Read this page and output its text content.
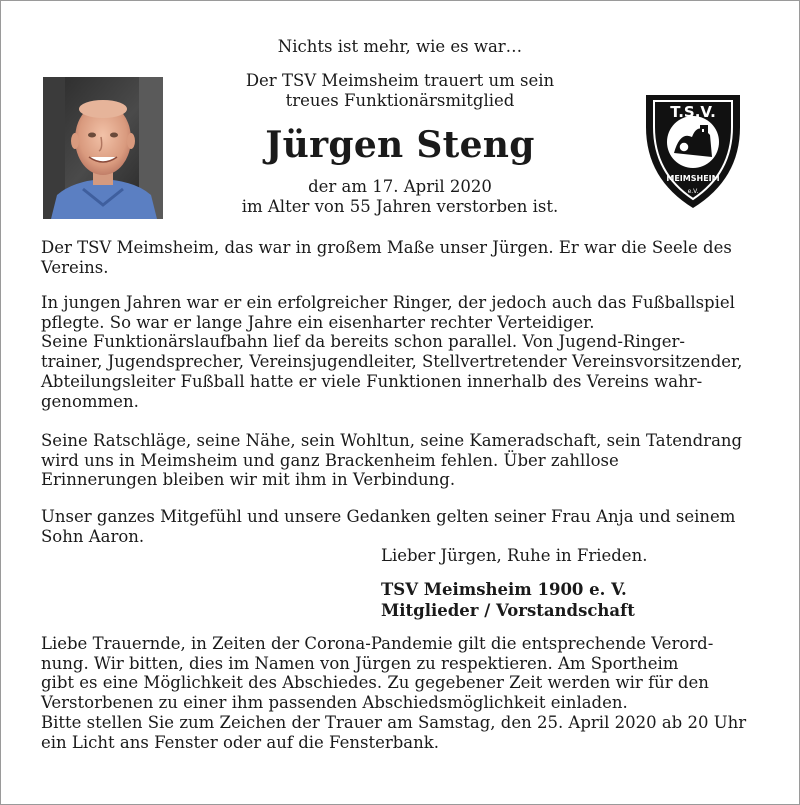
Nichts ist mehr, wie es war…
Der TSV Meimsheim trauert um sein
treues Funktionärsmitglied
Jürgen Steng
der am 17. April 2020
im Alter von 55 Jahren verstorben ist.
T.S.V.
MEIMSHEIM
e.V.

Der TSV Meimsheim, das war in großem Maße unser Jürgen. Er war die Seele des

Vereins.

In jungen Jahren war er ein erfolgreicher Ringer, der jedoch auch das Fußballspiel

pflegte. So war er lange Jahre ein eisenharter rechter Verteidiger.

Seine Funktionärslaufbahn lief da bereits schon parallel. Von Jugend-Ringer-

trainer, Jugendsprecher, Vereinsjugendleiter, Stellvertretender Vereinsvorsitzender,

Abteilungsleiter Fußball hatte er viele Funktionen innerhalb des Vereins wahr-

genommen.

Seine Ratschläge, seine Nähe, sein Wohltun, seine Kameradschaft, sein Tatendrang

wird uns in Meimsheim und ganz Brackenheim fehlen. Über zahllose

Erinnerungen bleiben wir mit ihm in Verbindung.

Unser ganzes Mitgefühl und unsere Gedanken gelten seiner Frau Anja und seinem

Sohn Aaron.

Lieber Jürgen, Ruhe in Frieden.
TSV Meimsheim 1900 e. V.
Mitglieder / Vorstandschaft

Liebe Trauernde, in Zeiten der Corona-Pandemie gilt die entsprechende Verord-

nung. Wir bitten, dies im Namen von Jürgen zu respektieren. Am Sportheim

gibt es eine Möglichkeit des Abschiedes. Zu gegebener Zeit werden wir für den

Verstorbenen zu einer ihm passenden Abschiedsmöglichkeit einladen.

Bitte stellen Sie zum Zeichen der Trauer am Samstag, den 25. April 2020 ab 20 Uhr

ein Licht ans Fenster oder auf die Fensterbank.
